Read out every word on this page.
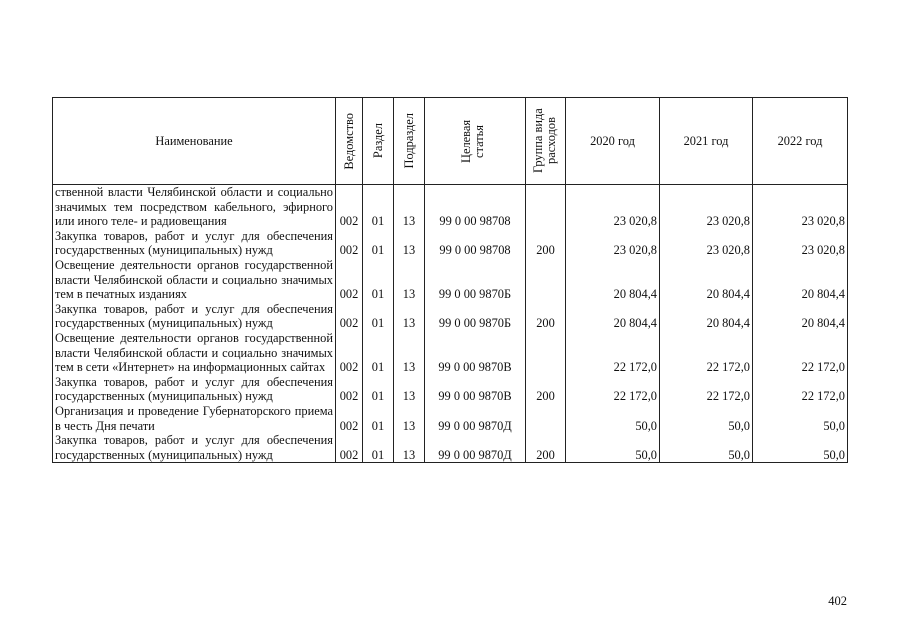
Наименование	Ведомство	Раздел	Подраздел	Целевая статья	Группа вида расходов	2020 год	2021 год	2022 год
ственной власти Челябинской области и социально значимых тем посредством кабельного, эфирного или иного теле- и радиовещания	002	01	13	99 0 00 98708		23 020,8	23 020,8	23 020,8
Закупка товаров, работ и услуг для обеспечения государственных (муниципальных) нужд	002	01	13	99 0 00 98708	200	23 020,8	23 020,8	23 020,8
Освещение деятельности органов государственной власти Челябинской области и социально значимых тем в печатных изданиях	002	01	13	99 0 00 9870Б		20 804,4	20 804,4	20 804,4
Закупка товаров, работ и услуг для обеспечения государственных (муниципальных) нужд	002	01	13	99 0 00 9870Б	200	20 804,4	20 804,4	20 804,4
Освещение деятельности органов государственной власти Челябинской области и социально значимых тем в сети «Интернет» на информационных сайтах	002	01	13	99 0 00 9870В		22 172,0	22 172,0	22 172,0
Закупка товаров, работ и услуг для обеспечения государственных (муниципальных) нужд	002	01	13	99 0 00 9870В	200	22 172,0	22 172,0	22 172,0
Организация и проведение Губернаторского приема в честь Дня печати	002	01	13	99 0 00 9870Д		50,0	50,0	50,0
Закупка товаров, работ и услуг для обеспечения государственных (муниципальных) нужд	002	01	13	99 0 00 9870Д	200	50,0	50,0	50,0
402
